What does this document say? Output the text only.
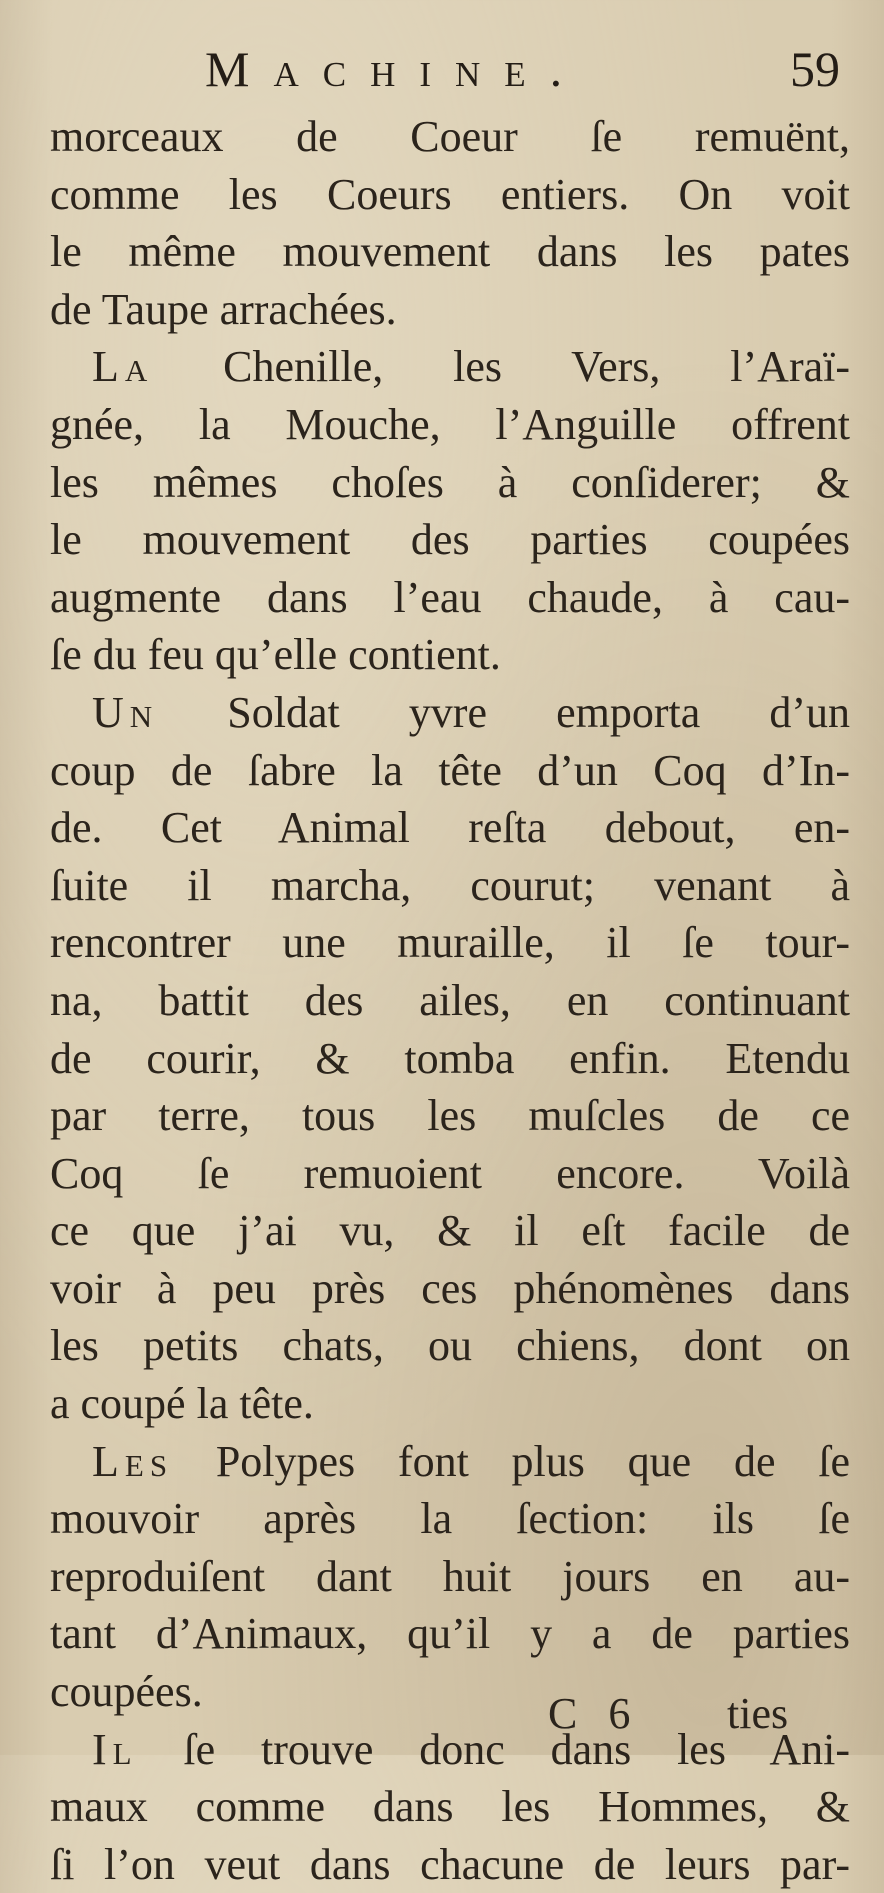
Machine.	59
morceaux de Coeur ſe remuënt,
comme les Coeurs entiers. On voit
le même mouvement dans les pates
de Taupe arrachées.
La Chenille, les Vers, l’Araï-
gnée, la Mouche, l’Anguille offrent
les mêmes choſes à conſiderer; &
le mouvement des parties coupées
augmente dans l’eau chaude, à cau-
ſe du feu qu’elle contient.
Un Soldat yvre emporta d’un
coup de ſabre la tête d’un Coq d’In-
de. Cet Animal reſta debout, en-
ſuite il marcha, courut; venant à
rencontrer une muraille, il ſe tour-
na, battit des ailes, en continuant
de courir, & tomba enfin. Etendu
par terre, tous les muſcles de ce
Coq ſe remuoient encore. Voilà
ce que j’ai vu, & il eſt facile de
voir à peu près ces phénomènes dans
les petits chats, ou chiens, dont on
a coupé la tête.
Les Polypes font plus que de ſe
mouvoir après la ſection: ils ſe
reproduiſent dant huit jours en au-
tant d’Animaux, qu’il y a de parties
coupées.
Il ſe trouve donc dans les Ani-
maux comme dans les Hommes, &
ſi l’on veut dans chacune de leurs par-
C 6 ties
